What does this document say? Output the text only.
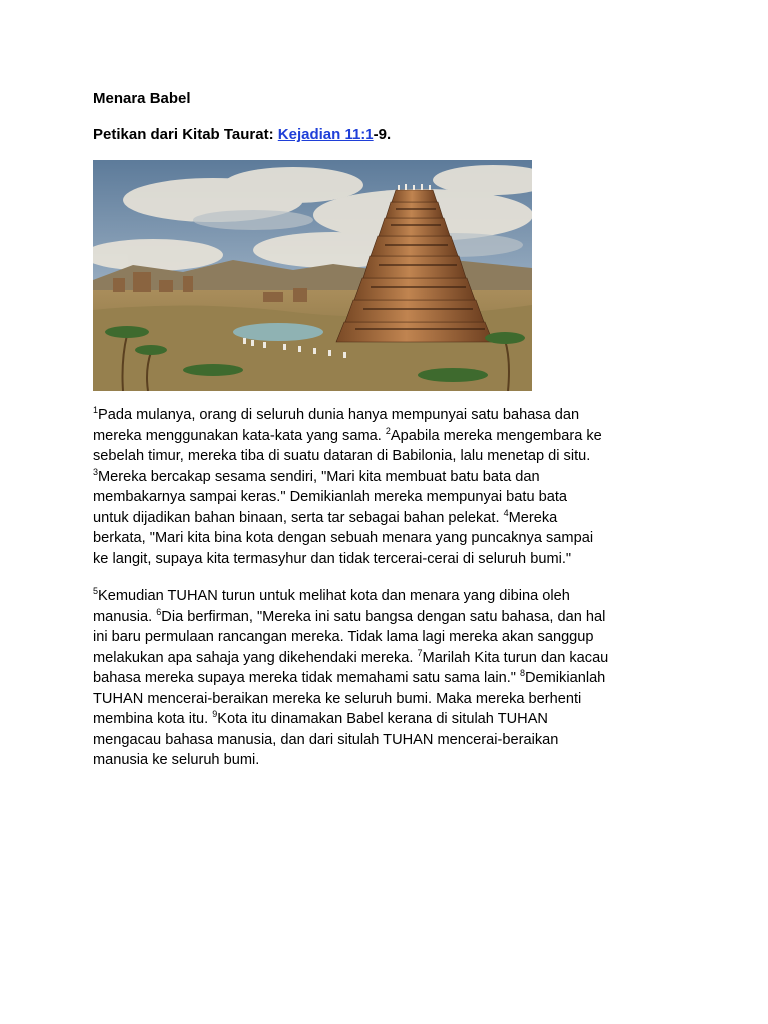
Menara Babel
Petikan dari Kitab Taurat: Kejadian 11:1-9.

$^1$Pada mulanya, orang di seluruh dunia hanya mempunyai satu bahasa dan
mereka menggunakan kata-kata yang sama. $^2$Apabila mereka mengembara ke
sebelah timur, mereka tiba di suatu dataran di Babilonia, lalu menetap di situ.
$^3$Mereka bercakap sesama sendiri, "Mari kita membuat batu bata dan
membakarnya sampai keras." Demikianlah mereka mempunyai batu bata
untuk dijadikan bahan binaan, serta tar sebagai bahan pelekat. $^4$Mereka
berkata, "Mari kita bina kota dengan sebuah menara yang puncaknya sampai
ke langit, supaya kita termasyhur dan tidak tercerai-cerai di seluruh bumi."

$^5$Kemudian TUHAN turun untuk melihat kota dan menara yang dibina oleh
manusia. $^6$Dia berfirman, "Mereka ini satu bangsa dengan satu bahasa, dan hal
ini baru permulaan rancangan mereka. Tidak lama lagi mereka akan sanggup
melakukan apa sahaja yang dikehendaki mereka. $^7$Marilah Kita turun dan kacau
bahasa mereka supaya mereka tidak memahami satu sama lain." $^8$Demikianlah
TUHAN mencerai-beraikan mereka ke seluruh bumi. Maka mereka berhenti
membina kota itu. $^9$Kota itu dinamakan Babel kerana di situlah TUHAN
mengacau bahasa manusia, dan dari situlah TUHAN mencerai-beraikan
manusia ke seluruh bumi.
